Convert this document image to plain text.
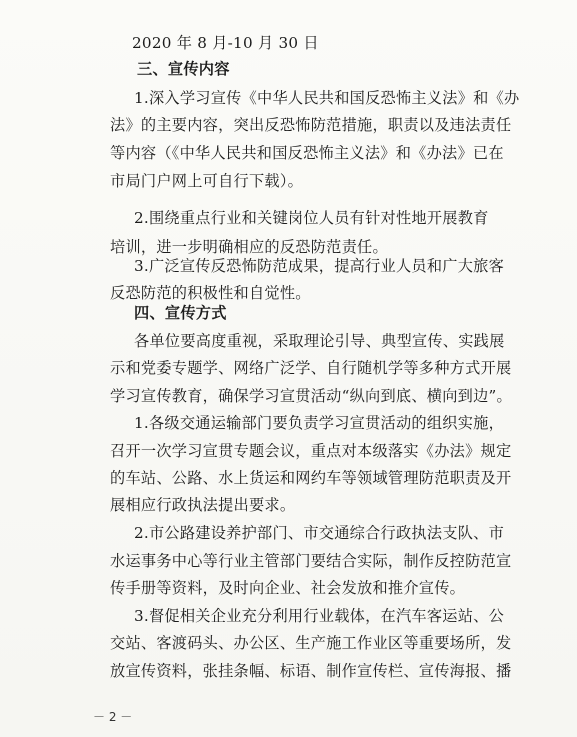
2020 年 8 月-10 月 30 日
三、宣传内容
1.深入学习宣传《中华人民共和国反恐怖主义法》和《办
法》的主要内容，突出反恐怖防范措施，职责以及违法责任
等内容（《中华人民共和国反恐怖主义法》和《办法》已在
市局门户网上可自行下载）。
2.围绕重点行业和关键岗位人员有针对性地开展教育
培训，进一步明确相应的反恐防范责任。
3.广泛宣传反恐怖防范成果，提高行业人员和广大旅客
反恐防范的积极性和自觉性。
四、宣传方式
各单位要高度重视，采取理论引导、典型宣传、实践展
示和党委专题学、网络广泛学、自行随机学等多种方式开展
学习宣传教育，确保学习宣贯活动“纵向到底、横向到边”。
1.各级交通运输部门要负责学习宣贯活动的组织实施，
召开一次学习宣贯专题会议，重点对本级落实《办法》规定
的车站、公路、水上货运和网约车等领域管理防范职责及开
展相应行政执法提出要求。
2.市公路建设养护部门、市交通综合行政执法支队、市
水运事务中心等行业主管部门要结合实际，制作反控防范宣
传手册等资料，及时向企业、社会发放和推介宣传。
3.督促相关企业充分利用行业载体，在汽车客运站、公
交站、客渡码头、办公区、生产施工作业区等重要场所，发
放宣传资料，张挂条幅、标语、制作宣传栏、宣传海报、播
－ 2 －
